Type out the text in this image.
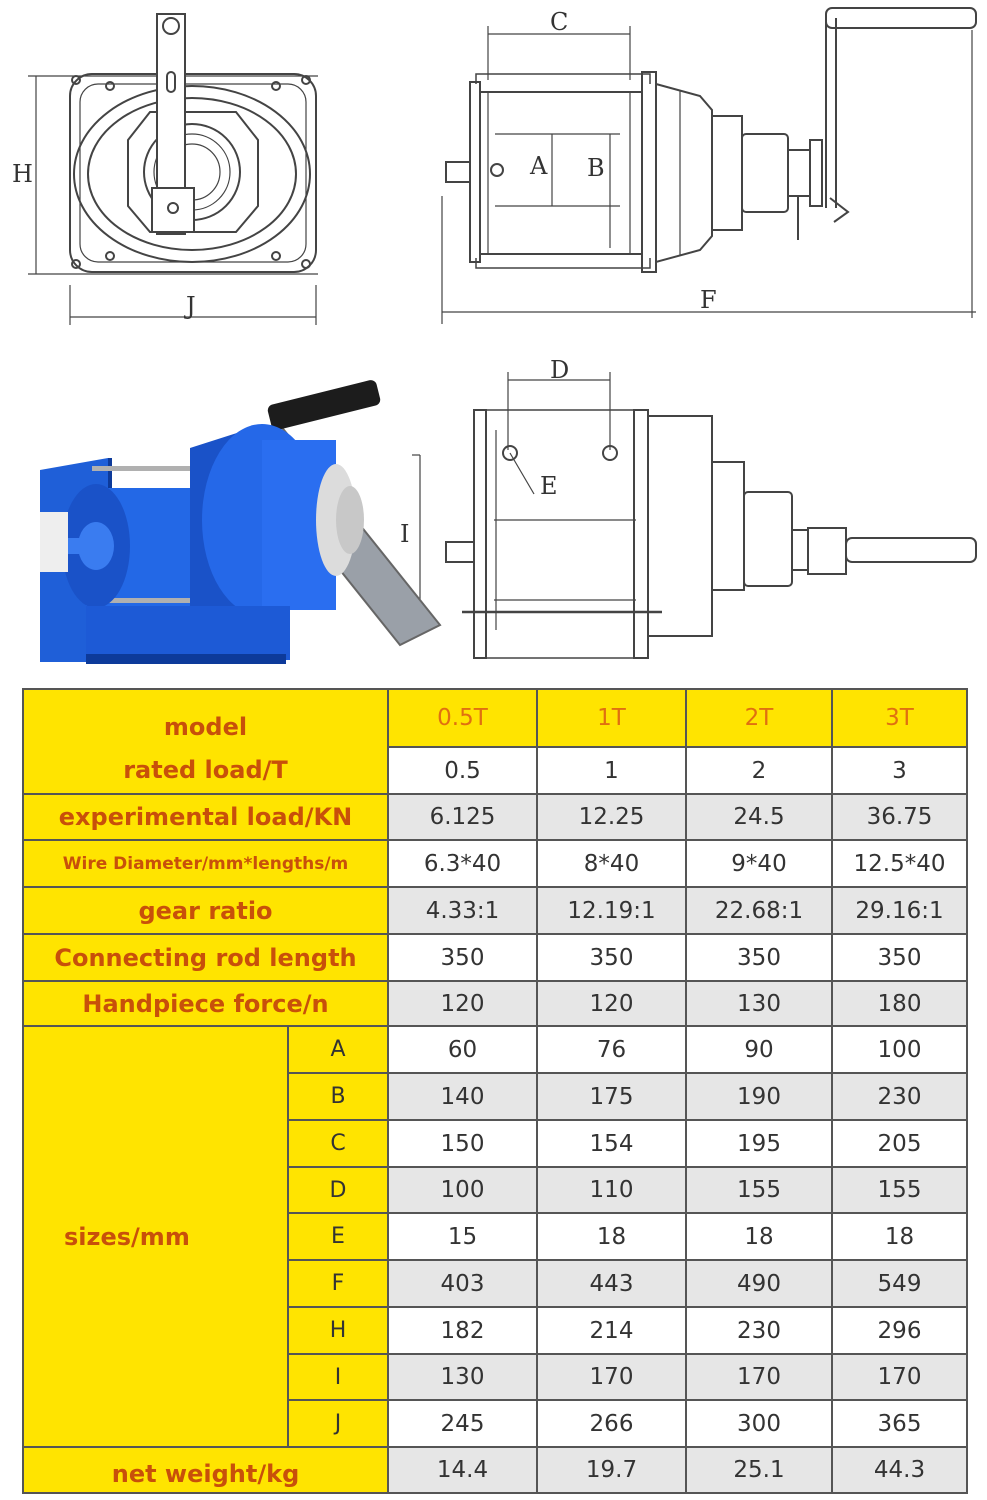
H
J
C
A B
F
D
E
I
model		0.5T	1T	2T	3T
rated load/T		0.5	1	2	3
experimental load/KN		6.125	12.25	24.5	36.75
Wire Diameter/mm*lengths/m		6.3*40	8*40	9*40	12.5*40
gear ratio		4.33:1	12.19:1	22.68:1	29.16:1
Connecting rod length		350	350	350	350
Handpiece force/n		120	120	130	180
sizes/mm	A	60	76	90	100
	B	140	175	190	230
	C	150	154	195	205
	D	100	110	155	155
	E	15	18	18	18
	F	403	443	490	549
	H	182	214	230	296
	I	130	170	170	170
	J	245	266	300	365
net weight/kg		14.4	19.7	25.1	44.3
